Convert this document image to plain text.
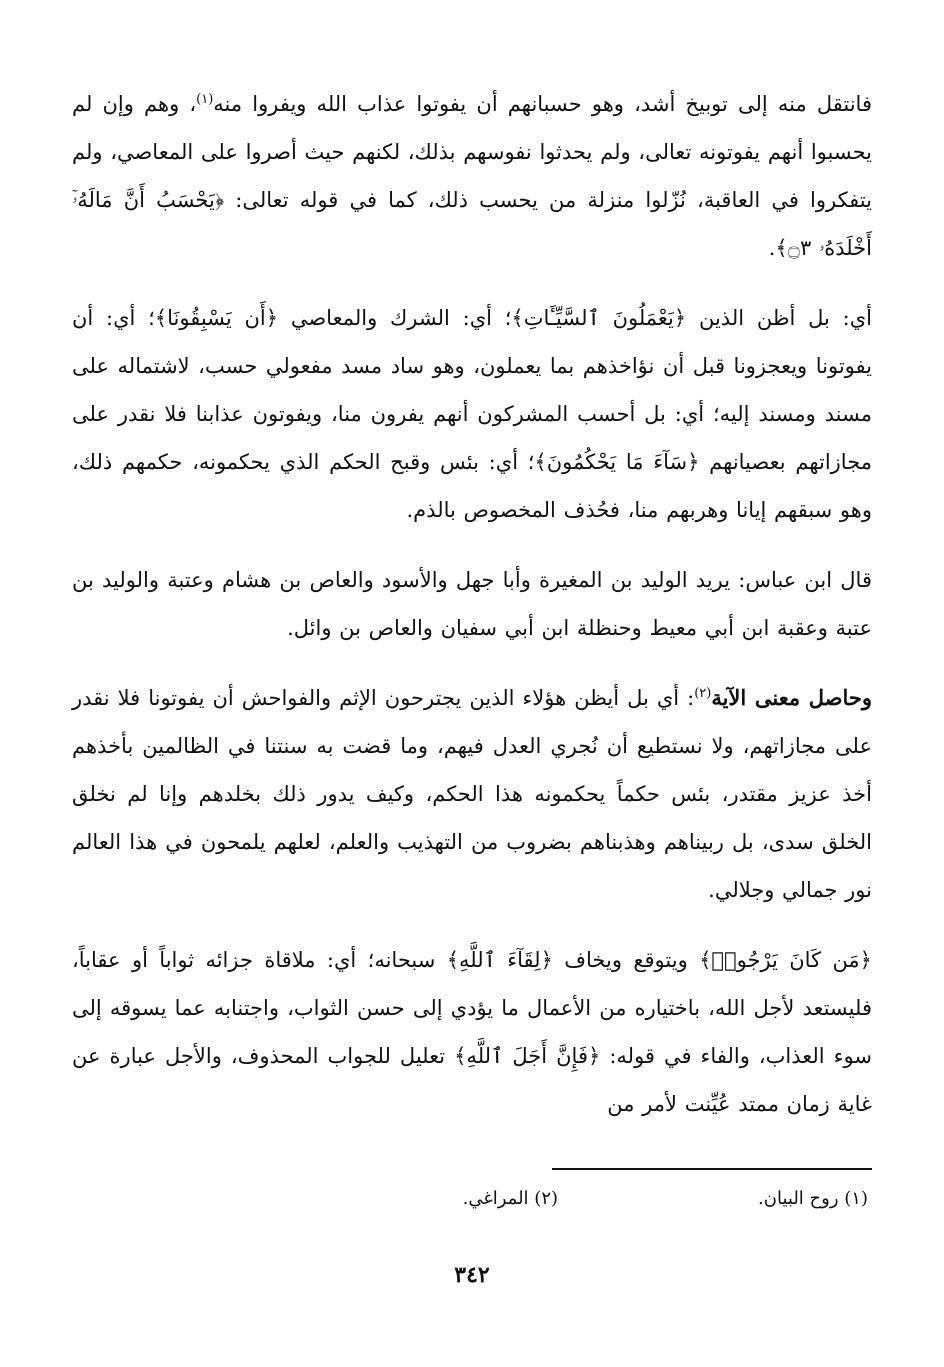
فانتقل منه إلى توبيخ أشد، وهو حسبانهم أن يفوتوا عذاب الله ويفروا منه$^{(١)}$، وهم وإن لم يحسبوا أنهم يفوتونه تعالى، ولم يحدثوا نفوسهم بذلك، لكنهم حيث أصروا على المعاصي، ولم يتفكروا في العاقبة، نُزّلوا منزلة من يحسب ذلك، كما في قوله تعالى: ﴿يَحْسَبُ أَنَّ مَالَهُۥٓ أَخْلَدَهُۥ ۝٣﴾.

أي: بل أظن الذين ﴿يَعْمَلُونَ ٱلسَّيِّـَٔاتِ﴾؛ أي: الشرك والمعاصي ﴿أَن يَسْبِقُونَا﴾؛ أي: أن يفوتونا ويعجزونا قبل أن نؤاخذهم بما يعملون، وهو ساد مسد مفعولي حسب، لاشتماله على مسند ومسند إليه؛ أي: بل أحسب المشركون أنهم يفرون منا، ويفوتون عذابنا فلا نقدر على مجازاتهم بعصيانهم ﴿سَآءَ مَا يَحْكُمُونَ﴾؛ أي: بئس وقبح الحكم الذي يحكمونه، حكمهم ذلك، وهو سبقهم إيانا وهربهم منا، فحُذف المخصوص بالذم.

قال ابن عباس: يريد الوليد بن المغيرة وأبا جهل والأسود والعاص بن هشام وعتبة والوليد بن عتبة وعقبة ابن أبي معيط وحنظلة ابن أبي سفيان والعاص بن وائل.

وحاصل معنى الآية$^{(٢)}$: أي بل أيظن هؤلاء الذين يجترحون الإثم والفواحش أن يفوتونا فلا نقدر على مجازاتهم، ولا نستطيع أن نُجري العدل فيهم، وما قضت به سنتنا في الظالمين بأخذهم أخذ عزيز مقتدر، بئس حكماً يحكمونه هذا الحكم، وكيف يدور ذلك بخلدهم وإنا لم نخلق الخلق سدى، بل ربيناهم وهذبناهم بضروب من التهذيب والعلم، لعلهم يلمحون في هذا العالم نور جمالي وجلالي.

﴿مَن كَانَ يَرْجُوا۟﴾ ويتوقع ويخاف ﴿لِقَآءَ ٱللَّهِ﴾ سبحانه؛ أي: ملاقاة جزائه ثواباً أو عقاباً، فليستعد لأجل الله، باختياره من الأعمال ما يؤدي إلى حسن الثواب، واجتنابه عما يسوقه إلى سوء العذاب، والفاء في قوله: ﴿فَإِنَّ أَجَلَ ٱللَّهِ﴾ تعليل للجواب المحذوف، والأجل عبارة عن غاية زمان ممتد عُيِّنت لأمر من

(١) روح البيان.
(٢) المراغي.
٣٤٢
